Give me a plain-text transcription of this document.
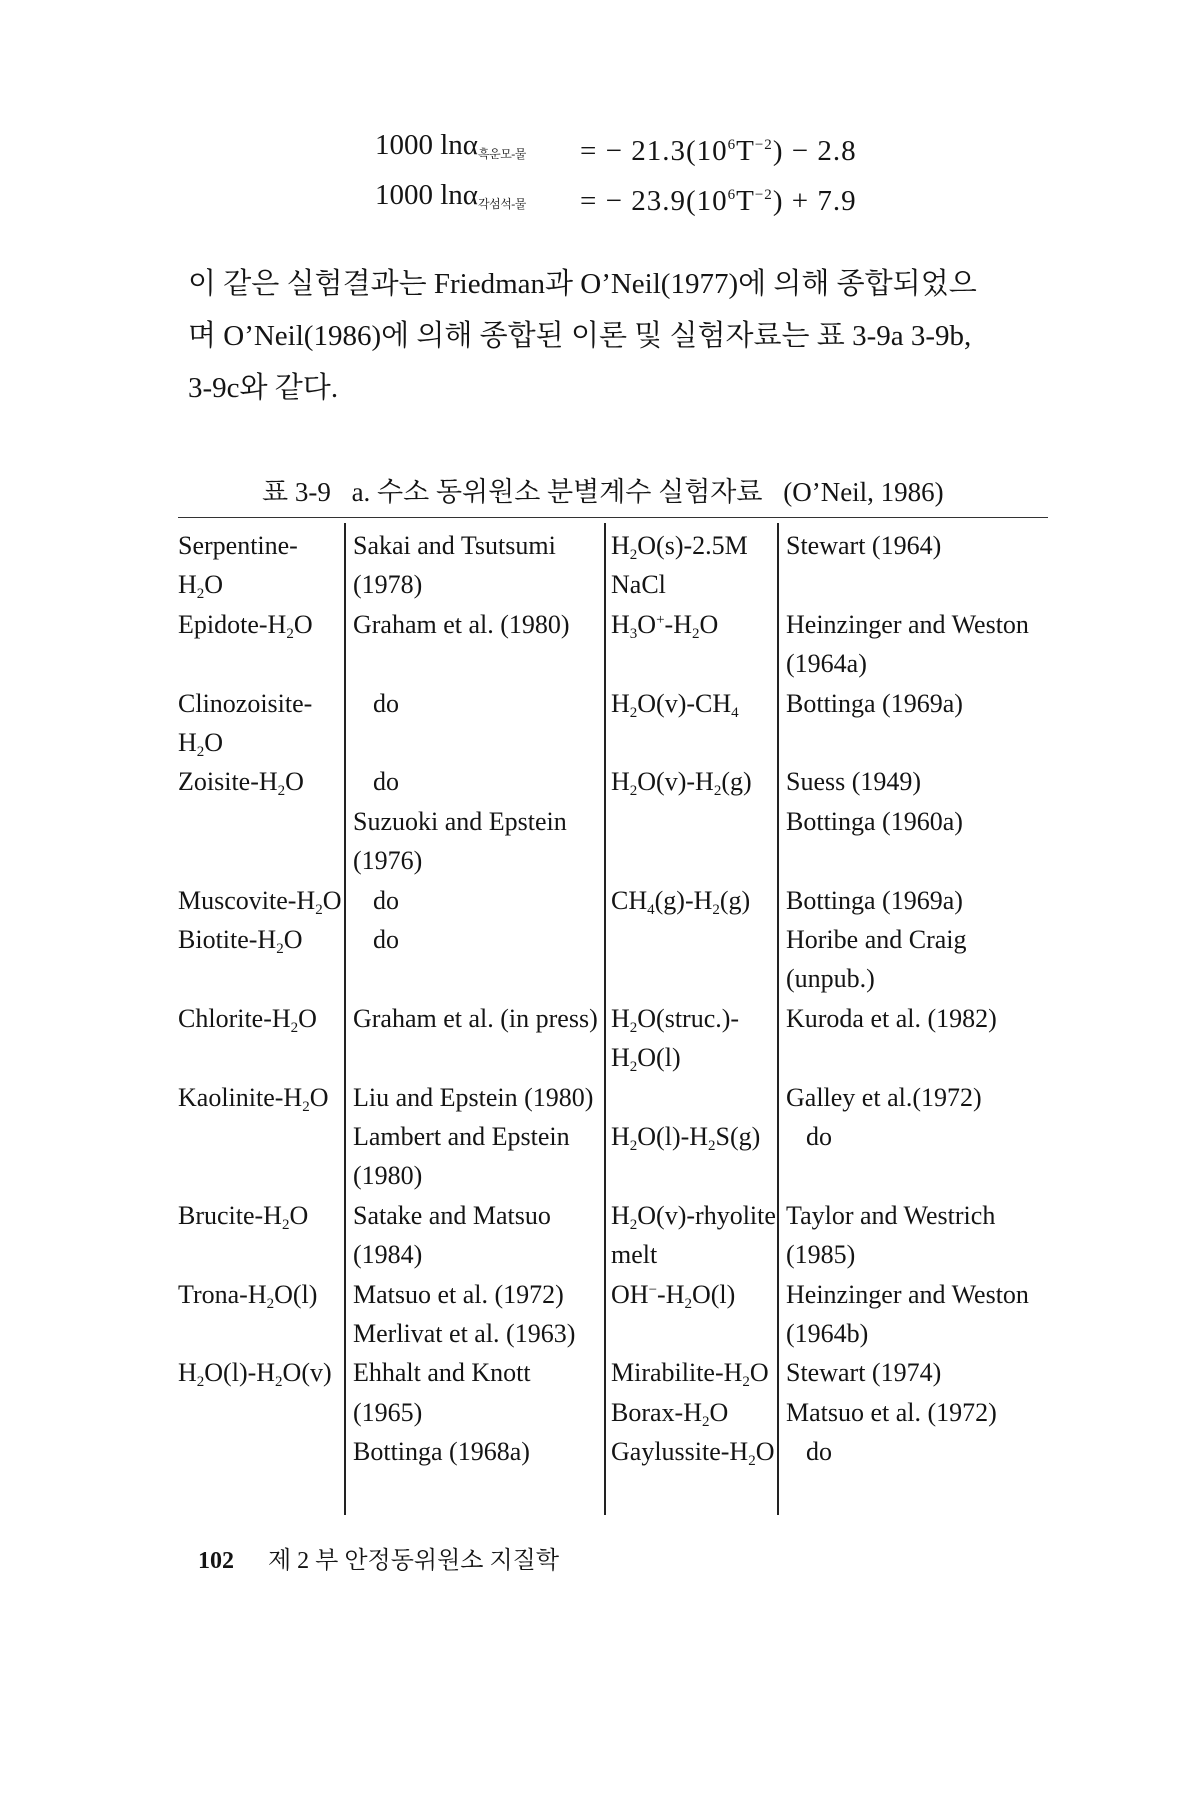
1000 lnα$_{흑운모-물}$ = − $21.3(10^6T^{-2}) - 2.8$
1000 lnα$_{각섬석-물}$ = − $23.9(10^6T^{-2}) + 7.9$
이 같은 실험결과는 Friedman과 O’Neil(1977)에 의해 종합되었으
며 O’Neil(1986)에 의해 종합된 이론 및 실험자료는 표 3-9a 3-9b,
3-9c와 같다.
표 3-9 a. 수소 동위원소 분별계수 실험자료 (O’Neil, 1986)
Serpentine-
$H_2O$
Epidote-$H_2O$
Clinozoisite-
$H_2O$
Zoisite-$H_2O$
Muscovite-$H_2O$
Biotite-$H_2O$
Chlorite-$H_2O$
Kaolinite-$H_2O$
Brucite-$H_2O$
Trona-$H_2O(l)$
$H_2O(l)-H_2O(v)$
Sakai and Tsutsumi
(1978)
Graham et al. (1980)
do
do
Suzuoki and Epstein
(1976)
do
do
Graham et al. (in press)
Liu and Epstein (1980)
Lambert and Epstein
(1980)
Satake and Matsuo
(1984)
Matsuo et al. (1972)
Merlivat et al. (1963)
Ehhalt and Knott
(1965)
Bottinga (1968a)
$H_2O(s)-2.5M$
NaCl
$H_3O^+-H_2O$
$H_2O(v)-CH_4$
$H_2O(v)-H_2(g)$
$CH_4(g)-H_2(g)$
$H_2O(struc.)-$
$H_2O(l)$
$H_2O(l)-H_2S(g)$
$H_2O(v)$-rhyolite
melt
$OH^--H_2O(l)$
Mirabilite-$H_2O$
Borax-$H_2O$
Gaylussite-$H_2O$
Stewart (1964)
Heinzinger and Weston
(1964a)
Bottinga (1969a)
Suess (1949)
Bottinga (1960a)
Bottinga (1969a)
Horibe and Craig
(unpub.)
Kuroda et al. (1982)
Galley et al.(1972)
do
Taylor and Westrich
(1985)
Heinzinger and Weston
(1964b)
Stewart (1974)
Matsuo et al. (1972)
do
102 제 2 부 안정동위원소 지질학
